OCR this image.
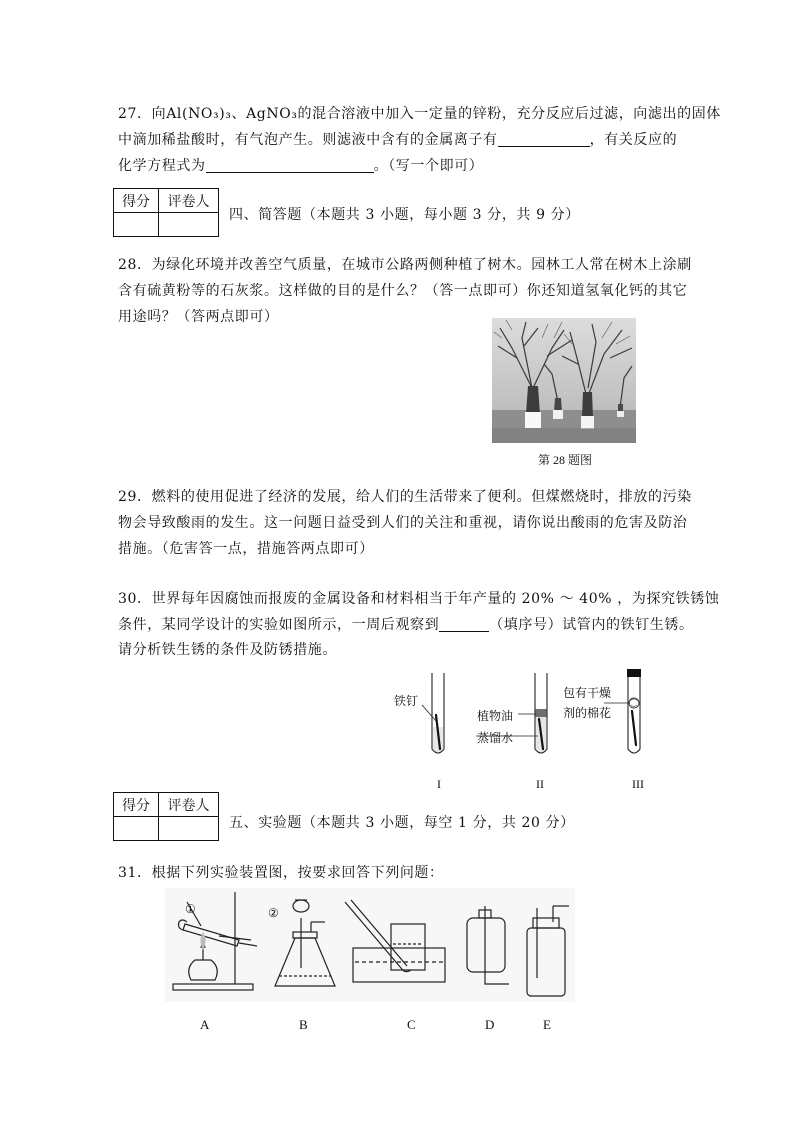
27．向Al(NO₃)₃、AgNO₃的混合溶液中加入一定量的锌粉，充分反应后过滤，向滤出的固体
中滴加稀盐酸时，有气泡产生。则滤液中含有的金属离子有	，有关反应的
化学方程式为	。（写一个即可）
得分	评卷人

四、简答题（本题共 3 小题，每小题 3 分，共 9 分）
28．为绿化环境并改善空气质量，在城市公路两侧种植了树木。园林工人常在树木上涂刷
含有硫黄粉等的石灰浆。这样做的目的是什么？（答一点即可）你还知道氢氧化钙的其它
用途吗？（答两点即可）
第 28 题图
29．燃料的使用促进了经济的发展，给人们的生活带来了便利。但煤燃烧时，排放的污染
物会导致酸雨的发生。这一问题日益受到人们的关注和重视，请你说出酸雨的危害及防治
措施。（危害答一点，措施答两点即可）
30．世界每年因腐蚀而报废的金属设备和材料相当于年产量的 20% ～ 40% ，为探究铁锈蚀
条件，某同学设计的实验如图所示，一周后观察到	（填序号）试管内的铁钉生锈。
请分析铁生锈的条件及防锈措施。
铁钉
植物油
蒸馏水
包有干燥
剂的棉花
I	II	III
得分	评卷人

五、实验题（本题共 3 小题，每空 1 分，共 20 分）
31．根据下列实验装置图，按要求回答下列问题：
①	②
A	B	C	D	E
